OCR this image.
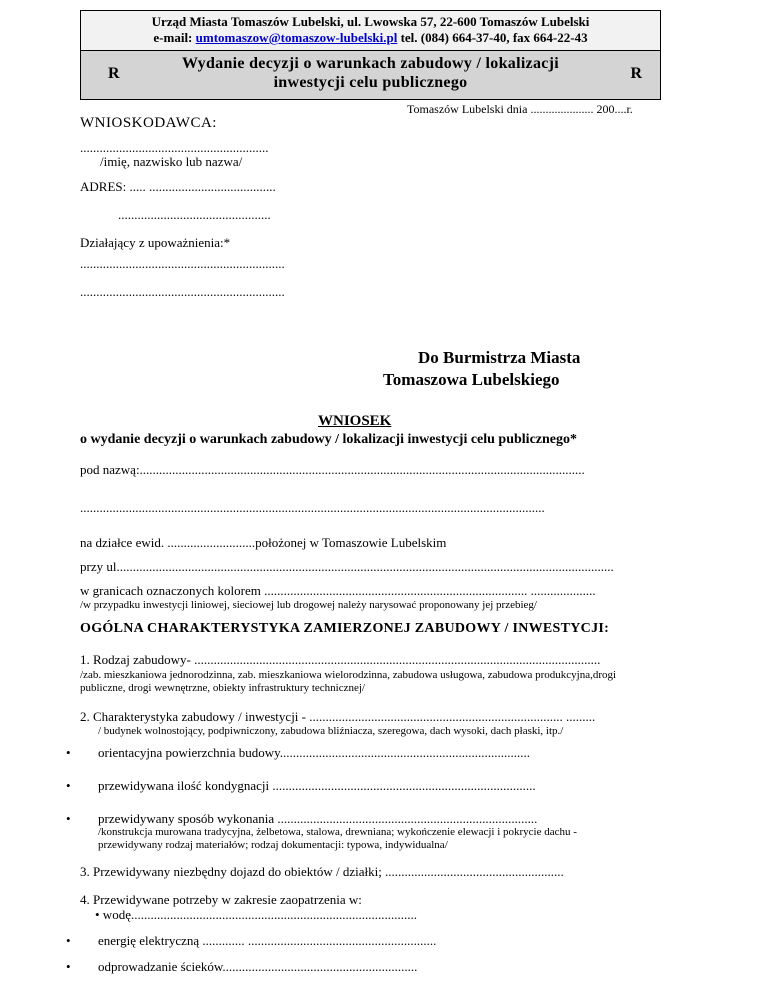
Urząd Miasta Tomaszów Lubelski, ul. Lwowska 57, 22-600 Tomaszów Lubelski
e-mail: umtomaszow@tomaszow-lubelski.pl tel. (084) 664-37-40, fax 664-22-43
R
Wydanie decyzji o warunkach zabudowy / lokalizacji
inwestycji celu publicznego
R
Tomaszów Lubelski dnia ..................... 200....r.
WNIOSKODAWCA:
..........................................................
/imię, nazwisko lub nazwa/
ADRES: ..... .......................................
...............................................
Działający z upoważnienia:*
...............................................................
...............................................................
Do Burmistrza Miasta
Tomaszowa Lubelskiego
WNIOSEK
o wydanie decyzji o warunkach zabudowy / lokalizacji inwestycji celu publicznego*
pod nazwą:.........................................................................................................................................
...............................................................................................................................................
na działce ewid. ...........................położonej w Tomaszowie Lubelskim
przy ul.........................................................................................................................................................
w granicach oznaczonych kolorem ................................................................................. ....................
/w przypadku inwestycji liniowej, sieciowej lub drogowej należy narysować proponowany jej przebieg/
OGÓLNA CHARAKTERYSTYKA ZAMIERZONEJ ZABUDOWY / INWESTYCJI:
1. Rodzaj zabudowy- .............................................................................................................................
/zab. mieszkaniowa jednorodzinna, zab. mieszkaniowa wielorodzinna, zabudowa usługowa, zabudowa produkcyjna,drogi
publiczne, drogi wewnętrzne, obiekty infrastruktury technicznej/
2. Charakterystyka zabudowy / inwestycji - .............................................................................. .........
/ budynek wolnostojący, podpiwniczony, zabudowa bliźniacza, szeregowa, dach wysoki, dach płaski, itp./
• orientacyjna powierzchnia budowy.............................................................................
• przewidywana ilość kondygnacji .................................................................................
• przewidywany sposób wykonania ................................................................................
/konstrukcja murowana tradycyjna, żelbetowa, stalowa, drewniana; wykończenie elewacji i pokrycie dachu -
przewidywany rodzaj materiałów; rodzaj dokumentacji: typowa, indywidualna/
3. Przewidywany niezbędny dojazd do obiektów / działki; .......................................................
4. Przewidywane potrzeby w zakresie zaopatrzenia w:
• wodę........................................................................................
• energię elektryczną ............. ..........................................................
• odprowadzanie ścieków............................................................
